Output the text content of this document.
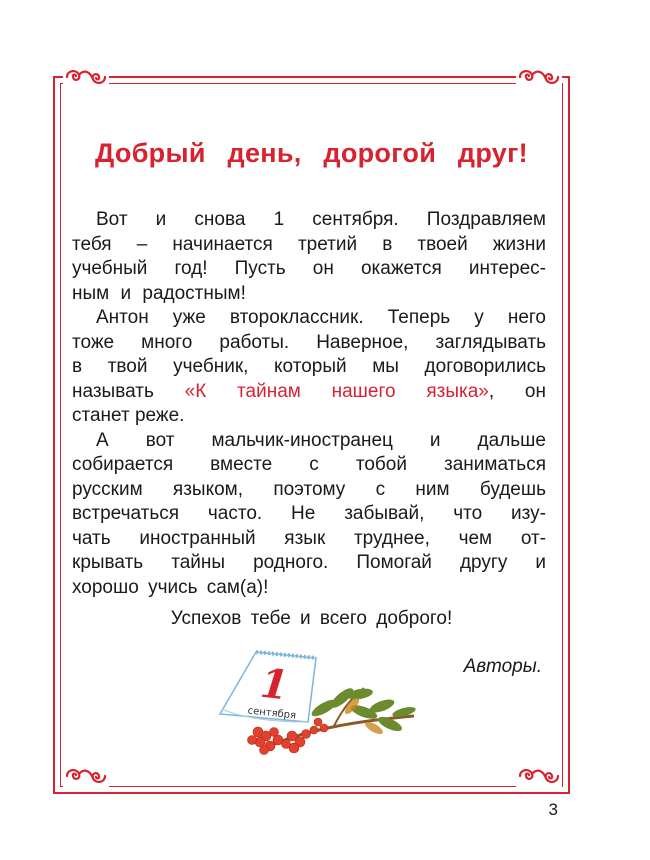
Добрый день, дорогой друг!

Вот и снова 1 сентября. Поздравляем
тебя – начинается третий в твоей жизни
учебный год! Пусть он окажется интерес-
ным и радостным!

Антон уже второклассник. Теперь у него
тоже много работы. Наверное, заглядывать
в твой учебник, который мы договорились
называть «К тайнам нашего языка», он
станет реже.

А вот мальчик-иностранец и дальше
собирается вместе с тобой заниматься
русским языком, поэтому с ним будешь
встречаться часто. Не забывай, что изу-
чать иностранный язык труднее, чем от-
крывать тайны родного. Помогай другу и
хорошо учись сам(а)!

Успехов тебе и всего доброго!
Авторы.
1
сентября
3
